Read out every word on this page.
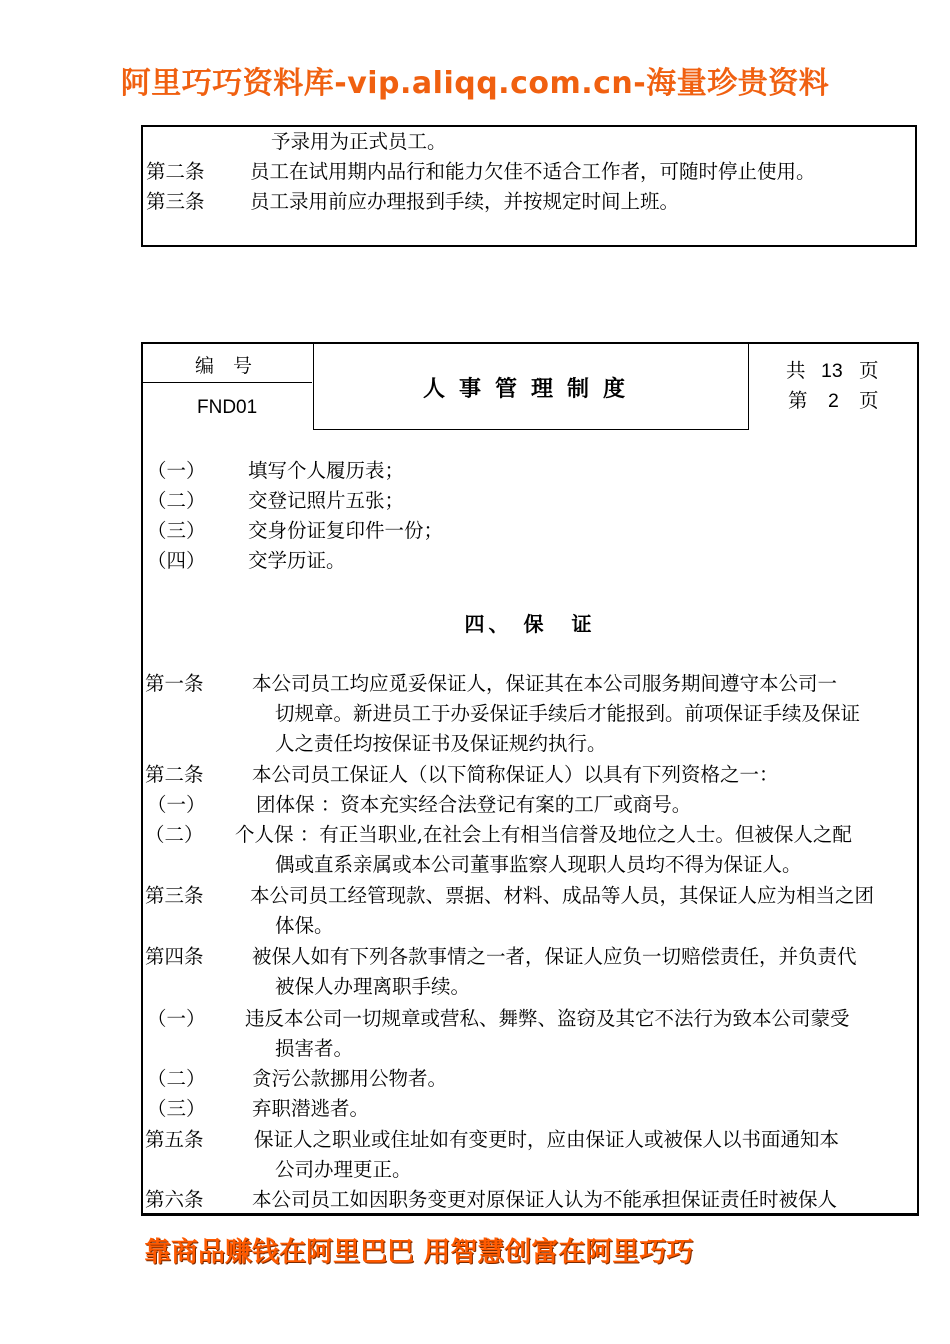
阿里巧巧资料库-vip.aliqq.com.cn-海量珍贵资料
予录用为正式员工。
第二条 员工在试用期内品行和能力欠佳不适合工作者，可随时停止使用。
第三条 员工录用前应办理报到手续，并按规定时间上班。
编　号
FND01
人事管理制度
共 13 页
第 2 页
（一） 填写个人履历表；
（二） 交登记照片五张；
（三） 交身份证复印件一份；
（四） 交学历证。
四、 保　证
第一条 本公司员工均应觅妥保证人，保证其在本公司服务期间遵守本公司一
切规章。新进员工于办妥保证手续后才能报到。前项保证手续及保证
人之责任均按保证书及保证规约执行。
第二条 本公司员工保证人（以下简称保证人）以具有下列资格之一：
（一）	团体保 ：资本充实经合法登记有案的工厂或商号。
（二） 个人保 ：有正当职业,在社会上有相当信誉及地位之人士。但被保人之配
偶或直系亲属或本公司董事监察人现职人员均不得为保证人。
第三条 本公司员工经管现款、票据、材料、成品等人员，其保证人应为相当之团
体保。
第四条 被保人如有下列各款事情之一者，保证人应负一切赔偿责任，并负责代
被保人办理离职手续。
（一） 违反本公司一切规章或营私、舞弊、盗窃及其它不法行为致本公司蒙受
损害者。
（二） 贪污公款挪用公物者。
（三） 弃职潜逃者。
第五条	保证人之职业或住址如有变更时，应由保证人或被保人以书面通知本
公司办理更正。
第六条 本公司员工如因职务变更对原保证人认为不能承担保证责任时被保人
靠商品赚钱在阿里巴巴 用智慧创富在阿里巧巧
